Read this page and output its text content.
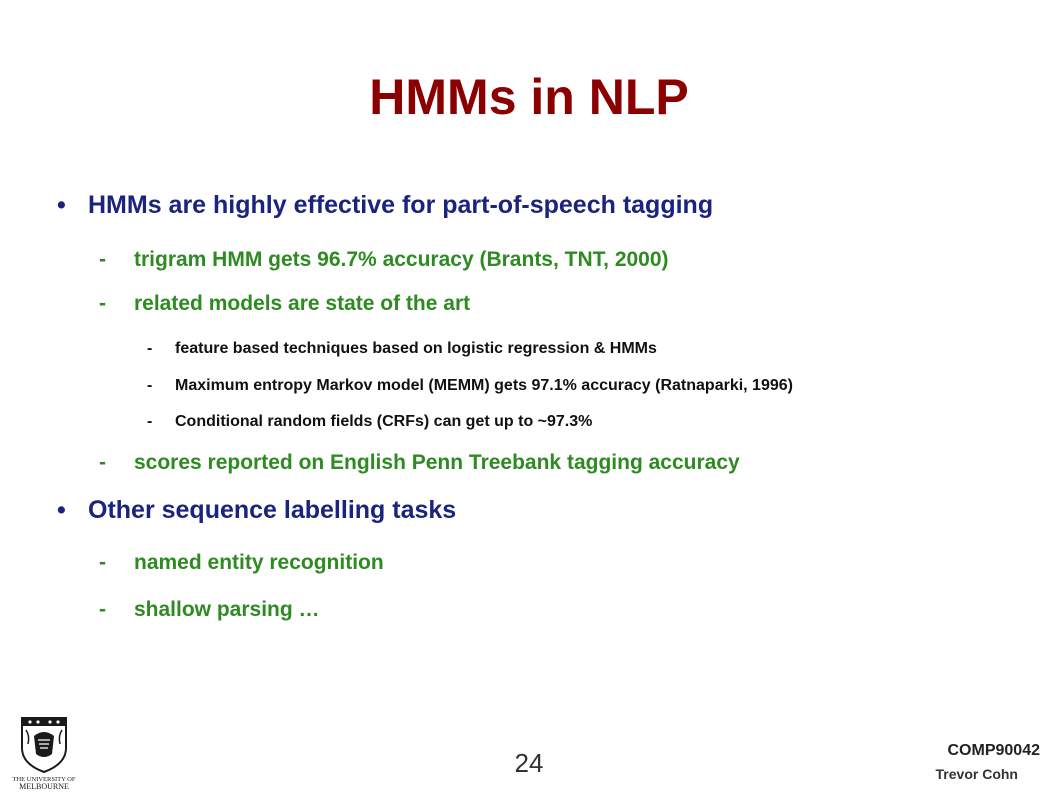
HMMs in NLP
• HMMs are highly effective for part-of-speech tagging
- trigram HMM gets 96.7% accuracy (Brants, TNT, 2000)
- related models are state of the art
- feature based techniques based on logistic regression & HMMs
- Maximum entropy Markov model (MEMM) gets 97.1% accuracy (Ratnaparki, 1996)
- Conditional random fields (CRFs) can get up to ~97.3%
- scores reported on English Penn Treebank tagging accuracy
• Other sequence labelling tasks
- named entity recognition
- shallow parsing …
THE UNIVERSITY OF
MELBOURNE
24	COMP90042
Trevor Cohn
